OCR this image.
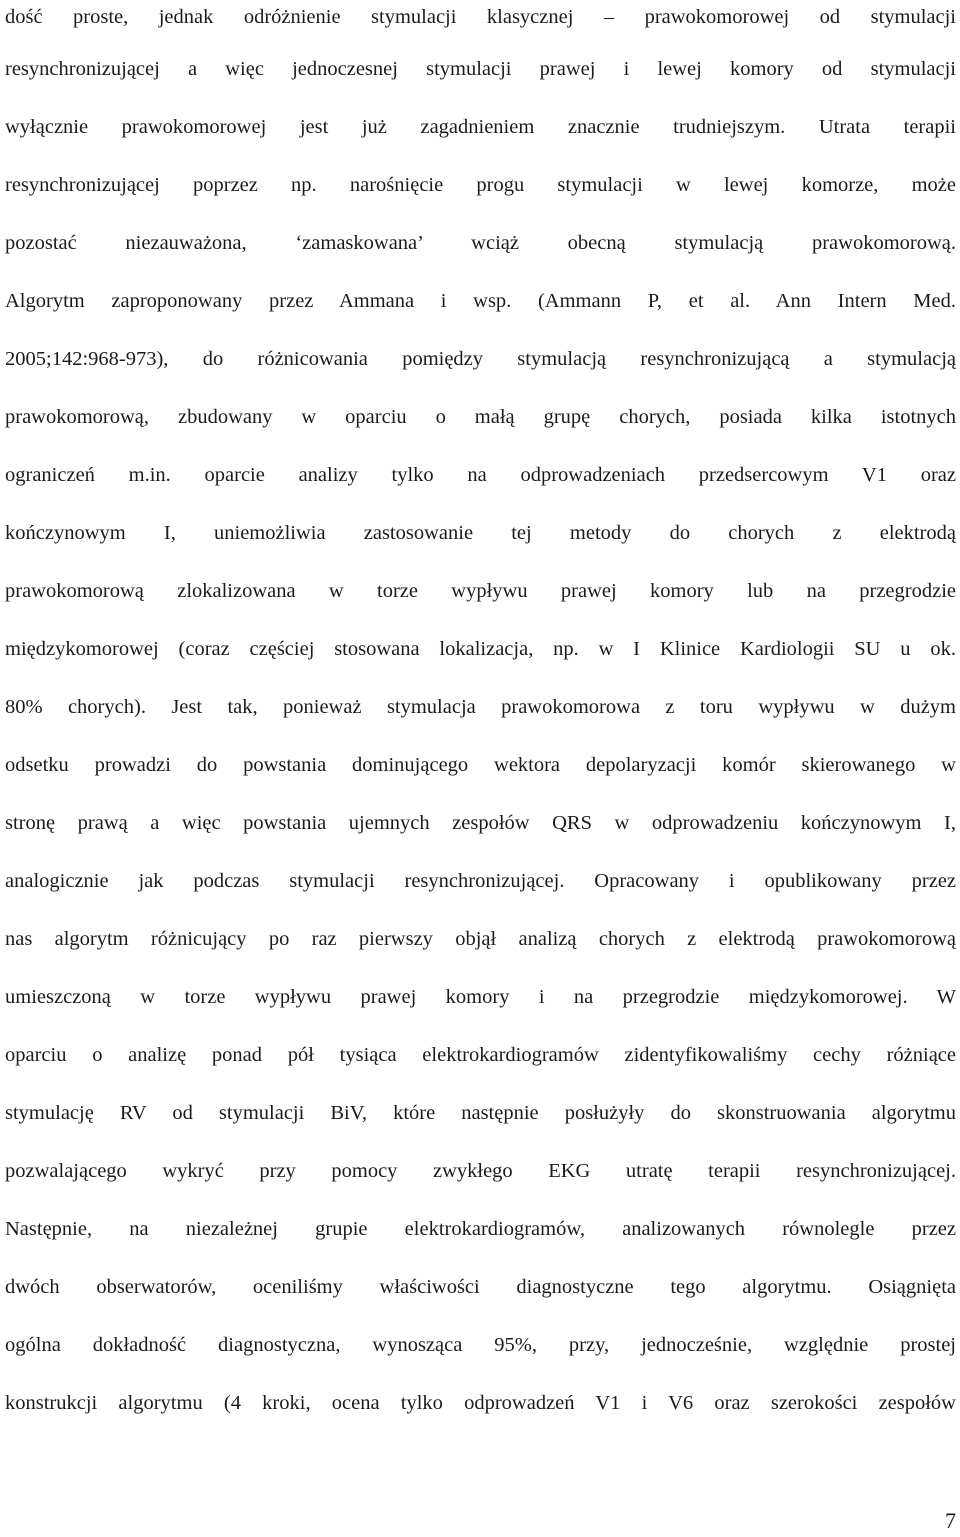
dość proste, jednak odróżnienie stymulacji klasycznej – prawokomorowej od stymulacji
resynchronizującej a więc jednoczesnej stymulacji prawej i lewej komory od stymulacji
wyłącznie prawokomorowej jest już zagadnieniem znacznie trudniejszym. Utrata terapii
resynchronizującej poprzez np. narośnięcie progu stymulacji w lewej komorze, może
pozostać niezauważona, ‘zamaskowana’ wciąż obecną stymulacją prawokomorową.
Algorytm zaproponowany przez Ammana i wsp. (Ammann P, et al. Ann Intern Med.
2005;142:968-973), do różnicowania pomiędzy stymulacją resynchronizującą a stymulacją
prawokomorową, zbudowany w oparciu o małą grupę chorych, posiada kilka istotnych
ograniczeń m.in. oparcie analizy tylko na odprowadzeniach przedsercowym V1 oraz
kończynowym I, uniemożliwia zastosowanie tej metody do chorych z elektrodą
prawokomorową zlokalizowana w torze wypływu prawej komory lub na przegrodzie
międzykomorowej (coraz częściej stosowana lokalizacja, np. w I Klinice Kardiologii SU u ok.
80% chorych). Jest tak, ponieważ stymulacja prawokomorowa z toru wypływu w dużym
odsetku prowadzi do powstania dominującego wektora depolaryzacji komór skierowanego w
stronę prawą a więc powstania ujemnych zespołów QRS w odprowadzeniu kończynowym I,
analogicznie jak podczas stymulacji resynchronizującej. Opracowany i opublikowany przez
nas algorytm różnicujący po raz pierwszy objął analizą chorych z elektrodą prawokomorową
umieszczoną w torze wypływu prawej komory i na przegrodzie międzykomorowej. W
oparciu o analizę ponad pół tysiąca elektrokardiogramów zidentyfikowaliśmy cechy różniące
stymulację RV od stymulacji BiV, które następnie posłużyły do skonstruowania algorytmu
pozwalającego wykryć przy pomocy zwykłego EKG utratę terapii resynchronizującej.
Następnie, na niezależnej grupie elektrokardiogramów, analizowanych równolegle przez
dwóch obserwatorów, oceniliśmy właściwości diagnostyczne tego algorytmu. Osiągnięta
ogólna dokładność diagnostyczna, wynosząca 95%, przy, jednocześnie, względnie prostej
konstrukcji algorytmu (4 kroki, ocena tylko odprowadzeń V1 i V6 oraz szerokości zespołów
7
